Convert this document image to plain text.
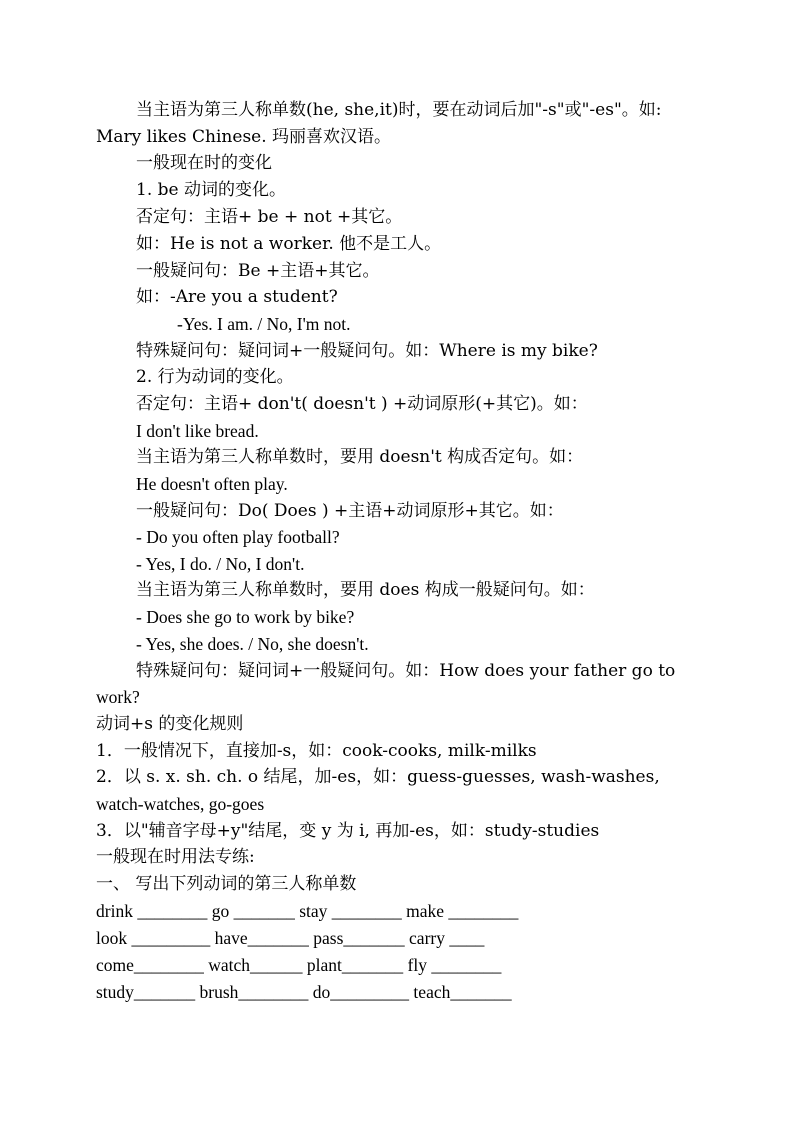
当主语为第三人称单数(he, she,it)时，要在动词后加"-s"或"-es"。如:
Mary likes Chinese. 玛丽喜欢汉语。
一般现在时的变化
1. be 动词的变化。
否定句：主语+ be + not +其它。
如：He is not a worker. 他不是工人。
一般疑问句：Be +主语+其它。
如：-Are you a student?
-Yes. I am. / No, I'm not.
特殊疑问句：疑问词+一般疑问句。如：Where is my bike?
2. 行为动词的变化。
否定句：主语+ don't( doesn't ) +动词原形(+其它)。如：
I don't like bread.
当主语为第三人称单数时，要用 doesn't 构成否定句。如：
He doesn't often play.
一般疑问句：Do( Does ) +主语+动词原形+其它。如：
- Do you often play football?
- Yes, I do. / No, I don't.
当主语为第三人称单数时，要用 does 构成一般疑问句。如：
- Does she go to work by bike?
- Yes, she does. / No, she doesn't.
特殊疑问句：疑问词+一般疑问句。如：How does your father go to
work?
动词+s 的变化规则
1．一般情况下，直接加-s，如：cook-cooks, milk-milks
2．以 s. x. sh. ch. o 结尾，加-es，如：guess-guesses, wash-washes,
watch-watches, go-goes
3．以"辅音字母+y"结尾，变 y 为 i, 再加-es，如：study-studies
一般现在时用法专练:
一、 写出下列动词的第三人称单数
drink ________ go _______ stay ________ make ________
look _________ have_______ pass_______ carry ____
come________ watch______ plant_______ fly ________
study_______ brush________ do_________ teach_______
